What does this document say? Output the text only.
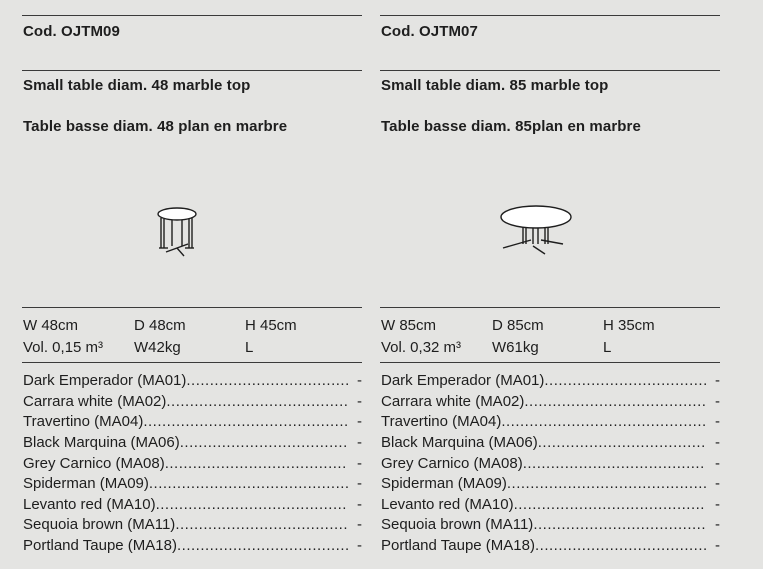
Cod. OJTM09
Small table diam. 48 marble top
Table basse diam. 48 plan en marbre
W 48cm	D 48cm	H 45cm
Vol. 0,15 m³ W42kg	L
Dark Emperador (MA01) .....	-
Carrara white (MA02) .....	-
Travertino (MA04) .....	-
Black Marquina (MA06) .....	-
Grey Carnico (MA08) .....	-
Spiderman (MA09) .....	-
Levanto red (MA10) .....	-
Sequoia brown (MA11) .....	-
Portland Taupe (MA18) .....	-
Cod. OJTM07
Small table diam. 85 marble top
Table basse diam. 85plan en marbre
W 85cm	D 85cm	H 35cm
Vol. 0,32 m³ W61kg	L
Dark Emperador (MA01) .....	-
Carrara white (MA02) .....	-
Travertino (MA04) .....	-
Black Marquina (MA06) .....	-
Grey Carnico (MA08) .....	-
Spiderman (MA09) .....	-
Levanto red (MA10) .....	-
Sequoia brown (MA11) .....	-
Portland Taupe (MA18) .....	-
